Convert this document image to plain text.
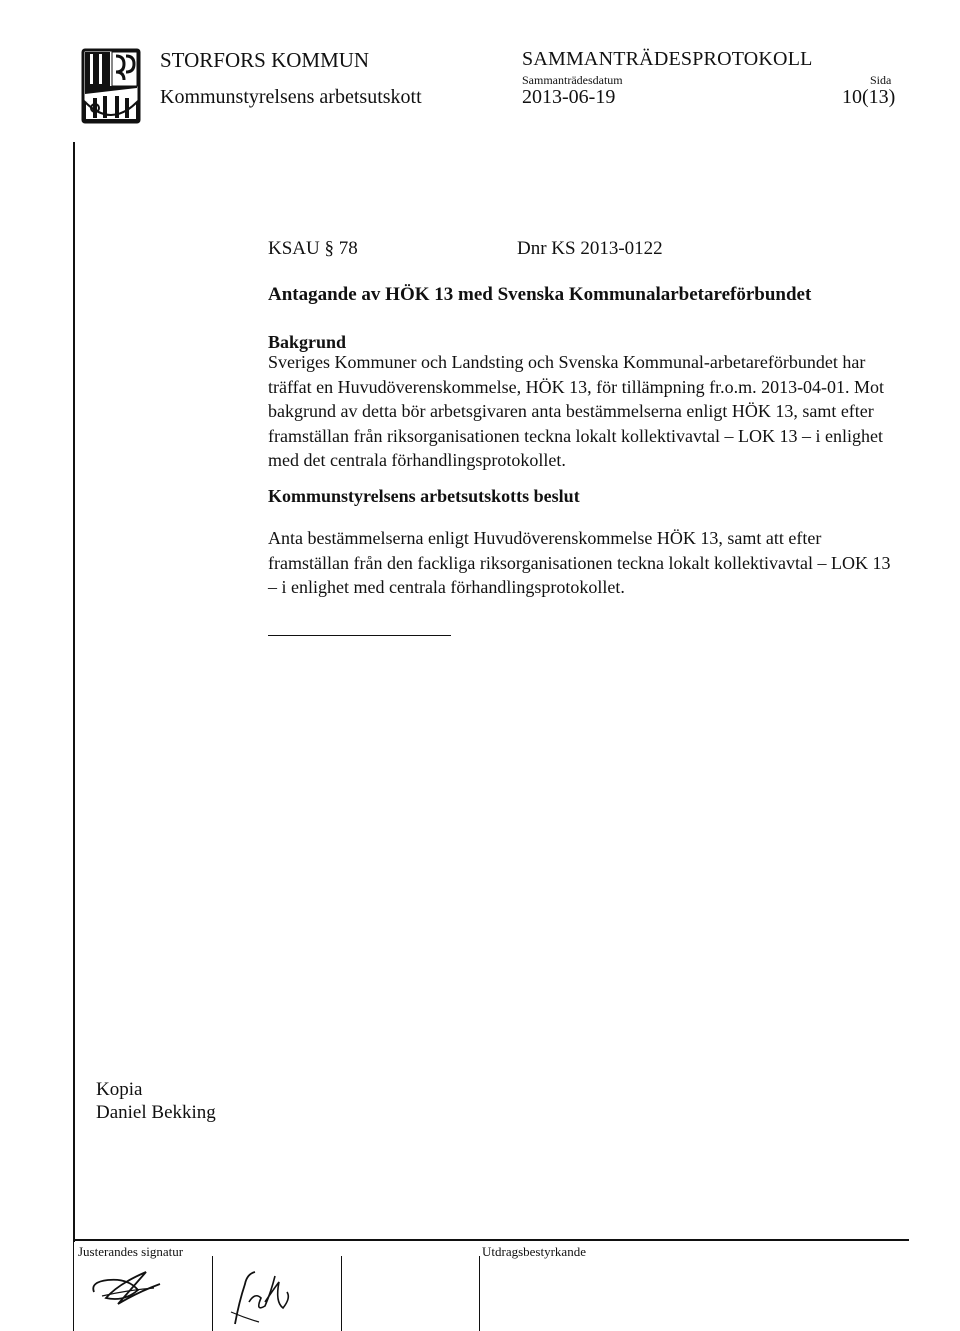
STORFORS KOMMUN
Kommunstyrelsens arbetsutskott
SAMMANTRÄDESPROTOKOLL
Sammanträdesdatum
2013-06-19
Sida
10(13)
KSAU § 78	Dnr KS 2013-0122
Antagande av HÖK 13 med Svenska Kommunalarbetareförbundet
Bakgrund
Sveriges Kommuner och Landsting och Svenska Kommunal-arbetareförbundet har träffat en Huvudöverenskommelse, HÖK 13, för tillämpning fr.o.m. 2013-04-01. Mot bakgrund av detta bör arbetsgivaren anta bestämmelserna enligt HÖK 13, samt efter framställan från riksorganisationen teckna lokalt kollektivavtal – LOK 13 – i enlighet med det centrala förhandlingsprotokollet.
Kommunstyrelsens arbetsutskotts beslut
Anta bestämmelserna enligt Huvudöverenskommelse HÖK 13, samt att efter framställan från den fackliga riksorganisationen teckna lokalt kollektivavtal – LOK 13 – i enlighet med centrala förhandlingsprotokollet.
Kopia
Daniel Bekking
Justerandes signatur	Utdragsbestyrkande
